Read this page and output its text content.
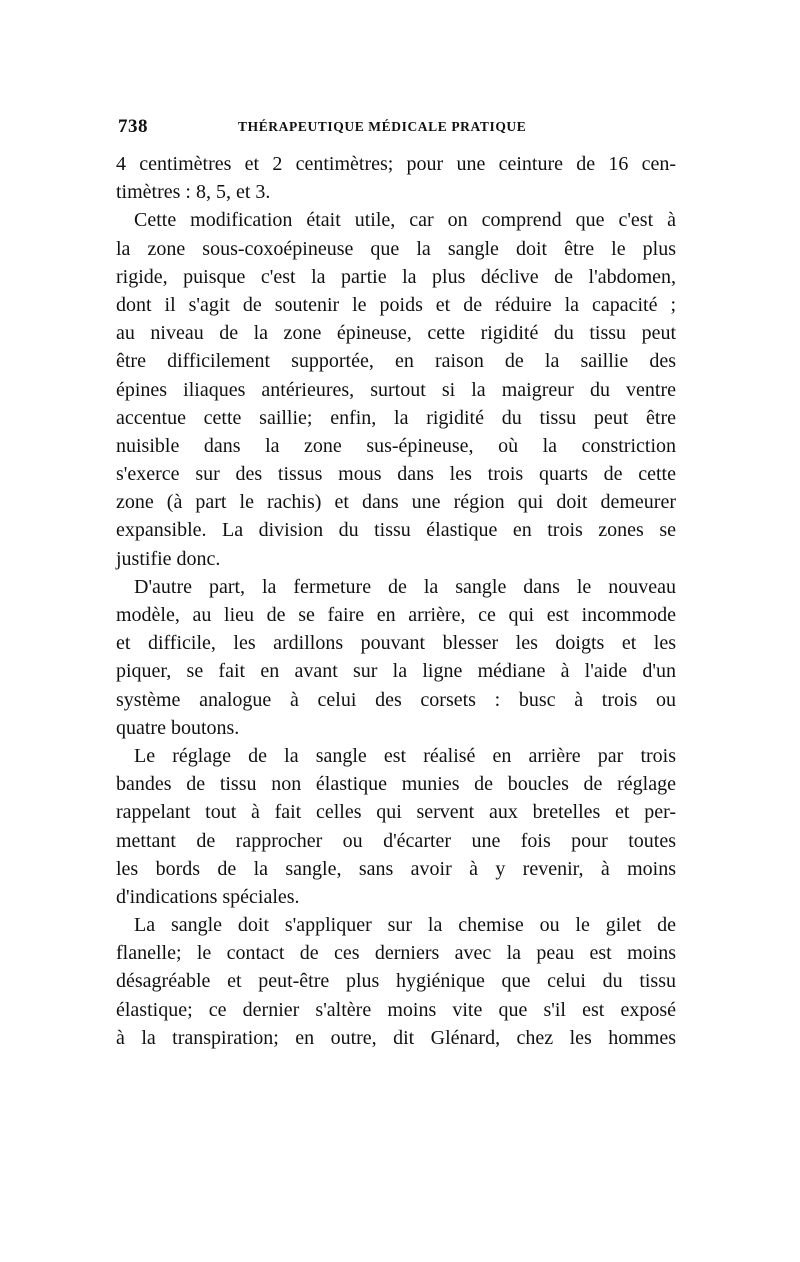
738	THÉRAPEUTIQUE MÉDICALE PRATIQUE
4 centimètres et 2 centimètres; pour une ceinture de 16 cen-
timètres : 8, 5, et 3.
Cette modification était utile, car on comprend que c'est à
la zone sous-coxoépineuse que la sangle doit être le plus
rigide, puisque c'est la partie la plus déclive de l'abdomen,
dont il s'agit de soutenir le poids et de réduire la capacité ;
au niveau de la zone épineuse, cette rigidité du tissu peut
être difficilement supportée, en raison de la saillie des
épines iliaques antérieures, surtout si la maigreur du ventre
accentue cette saillie; enfin, la rigidité du tissu peut être
nuisible dans la zone sus-épineuse, où la constriction
s'exerce sur des tissus mous dans les trois quarts de cette
zone (à part le rachis) et dans une région qui doit demeurer
expansible. La division du tissu élastique en trois zones se
justifie donc.
D'autre part, la fermeture de la sangle dans le nouveau
modèle, au lieu de se faire en arrière, ce qui est incommode
et difficile, les ardillons pouvant blesser les doigts et les
piquer, se fait en avant sur la ligne médiane à l'aide d'un
système analogue à celui des corsets : busc à trois ou
quatre boutons.
Le réglage de la sangle est réalisé en arrière par trois
bandes de tissu non élastique munies de boucles de réglage
rappelant tout à fait celles qui servent aux bretelles et per-
mettant de rapprocher ou d'écarter une fois pour toutes
les bords de la sangle, sans avoir à y revenir, à moins
d'indications spéciales.
La sangle doit s'appliquer sur la chemise ou le gilet de
flanelle; le contact de ces derniers avec la peau est moins
désagréable et peut-être plus hygiénique que celui du tissu
élastique; ce dernier s'altère moins vite que s'il est exposé
à la transpiration; en outre, dit Glénard, chez les hommes
